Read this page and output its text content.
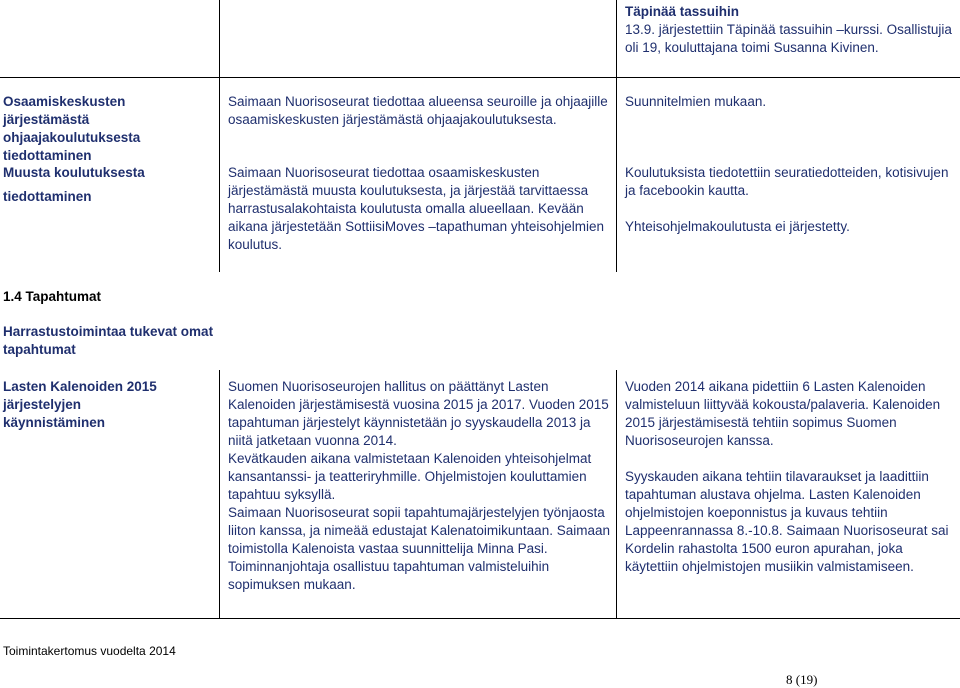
Täpinää tassuihin

13.9. järjestettiin Täpinää tassuihin –kurssi. Osallistujia

oli 19, kouluttajana toimi Susanna Kivinen.

Osaamiskeskusten järjestämästä

ohjaajakoulutuksesta

tiedottaminen

Saimaan Nuorisoseurat tiedottaa alueensa seuroille ja ohjaajille

osaamiskeskusten järjestämästä ohjaajakoulutuksesta.

Suunnitelmien mukaan.

Muusta koulutuksesta

tiedottaminen

Saimaan Nuorisoseurat tiedottaa osaamiskeskusten

järjestämästä muusta koulutuksesta, ja järjestää tarvittaessa

harrastusalakohtaista koulutusta omalla alueellaan. Kevään

aikana järjestetään SottiisiMoves –tapathuman yhteisohjelmien

koulutus.

Koulutuksista tiedotettiin seuratiedotteiden, kotisivujen

ja facebookin kautta.

Yhteisohjelmakoulutusta ei järjestetty.

1.4 Tapahtumat

Harrastustoimintaa tukevat omat

tapahtumat

Lasten Kalenoiden 2015

järjestelyjen

käynnistäminen

Suomen Nuorisoseurojen hallitus on päättänyt Lasten

Kalenoiden järjestämisestä vuosina 2015 ja 2017. Vuoden 2015

tapahtuman järjestelyt käynnistetään jo syyskaudella 2013 ja

niitä jatketaan vuonna 2014.

Kevätkauden aikana valmistetaan Kalenoiden yhteisohjelmat

kansantanssi- ja teatteriryhmille. Ohjelmistojen kouluttamien

tapahtuu syksyllä.

Saimaan Nuorisoseurat sopii tapahtumajärjestelyjen työnjaosta

liiton kanssa, ja nimeää edustajat Kalenatoimikuntaan. Saimaan

toimistolla Kalenoista vastaa suunnittelija Minna Pasi.

Toiminnanjohtaja osallistuu tapahtuman valmisteluihin

sopimuksen mukaan.

Vuoden 2014 aikana pidettiin 6 Lasten Kalenoiden

valmisteluun liittyvää kokousta/palaveria. Kalenoiden

2015 järjestämisestä tehtiin sopimus Suomen

Nuorisoseurojen kanssa.

Syyskauden aikana tehtiin tilavaraukset ja laadittiin

tapahtuman alustava ohjelma. Lasten Kalenoiden

ohjelmistojen koeponnistus ja kuvaus tehtiin

Lappeenrannassa 8.-10.8. Saimaan Nuorisoseurat sai

Kordelin rahastolta 1500 euron apurahan, joka

käytettiin ohjelmistojen musiikin valmistamiseen.

Toimintakertomus vuodelta 2014
8 (19)
